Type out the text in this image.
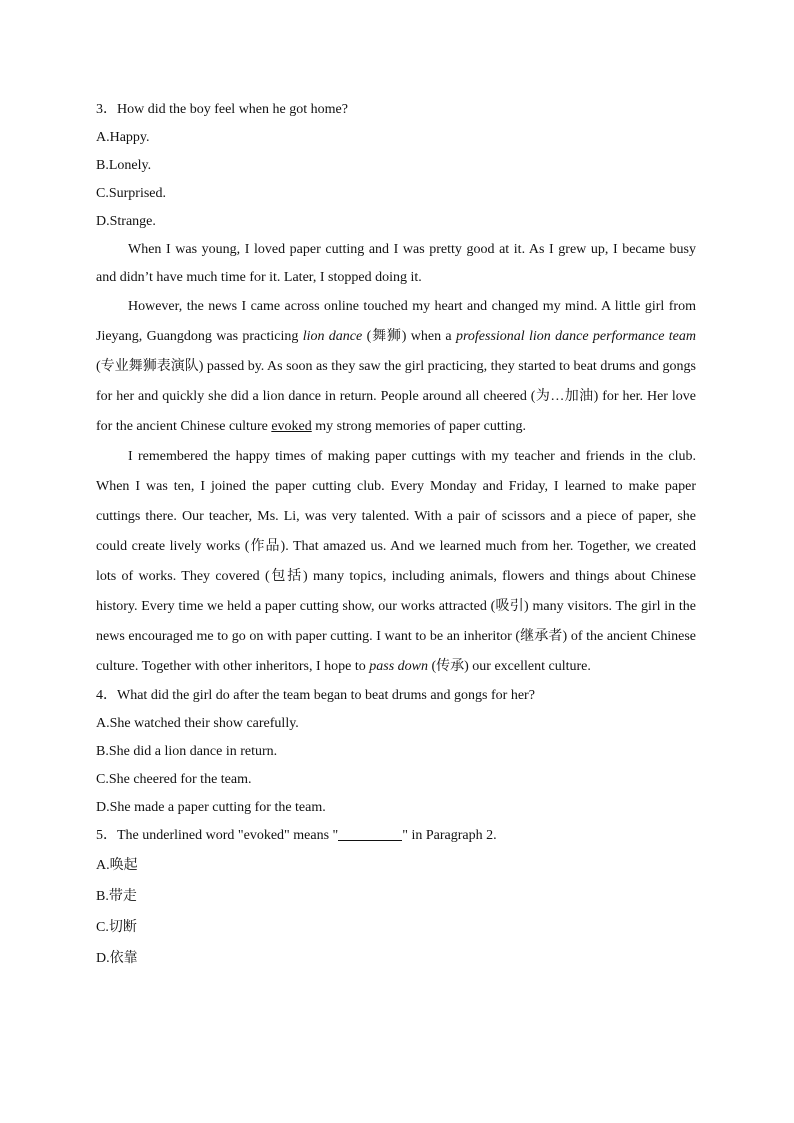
3．How did the boy feel when he got home?
A.Happy.
B.Lonely.
C.Surprised.
D.Strange.

When I was young, I loved paper cutting and I was pretty good at it. As I grew up, I became busy and didn’t have much time for it. Later, I stopped doing it.

However, the news I came across online touched my heart and changed my mind. A little girl from Jieyang, Guangdong was practicing lion dance (舞狮) when a professional lion dance performance team (专业舞狮表演队) passed by. As soon as they saw the girl practicing, they started to beat drums and gongs for her and quickly she did a lion dance in return. People around all cheered (为…加油) for her. Her love for the ancient Chinese culture evoked my strong memories of paper cutting.

I remembered the happy times of making paper cuttings with my teacher and friends in the club. When I was ten, I joined the paper cutting club. Every Monday and Friday, I learned to make paper cuttings there. Our teacher, Ms. Li, was very talented. With a pair of scissors and a piece of paper, she could create lively works (作品). That amazed us. And we learned much from her. Together, we created lots of works. They covered (包括) many topics, including animals, flowers and things about Chinese history. Every time we held a paper cutting show, our works attracted (吸引) many visitors. The girl in the news encouraged me to go on with paper cutting. I want to be an inheritor (继承者) of the ancient Chinese culture. Together with other inheritors, I hope to pass down (传承) our excellent culture.

4．What did the girl do after the team began to beat drums and gongs for her?
A.She watched their show carefully.
B.She did a lion dance in return.
C.She cheered for the team.
D.She made a paper cutting for the team.
5．The underlined word "evoked" means "	" in Paragraph 2.
A.唤起
B.带走
C.切断
D.依靠
